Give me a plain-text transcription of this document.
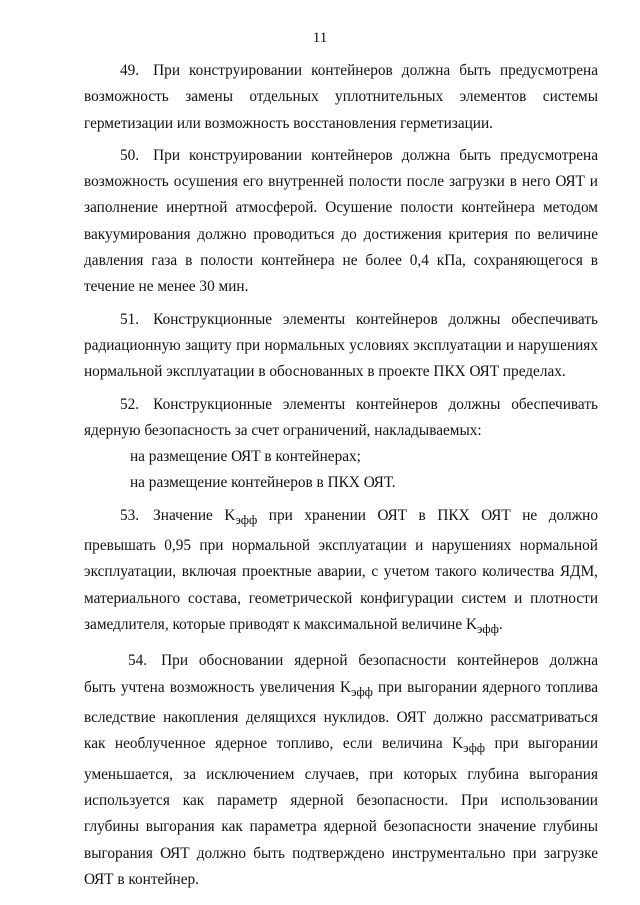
11

49. При конструировании контейнеров должна быть предусмотрена возможность замены отдельных уплотнительных элементов системы герметизации или возможность восстановления герметизации.

50. При конструировании контейнеров должна быть предусмотрена возможность осушения его внутренней полости после загрузки в него ОЯТ и заполнение инертной атмосферой. Осушение полости контейнера методом вакуумирования должно проводиться до достижения критерия по величине давления газа в полости контейнера не более 0,4 кПа, сохраняющегося в течение не менее 30 мин.

51. Конструкционные элементы контейнеров должны обеспечивать радиационную защиту при нормальных условиях эксплуатации и нарушениях нормальной эксплуатации в обоснованных в проекте ПКХ ОЯТ пределах.

52. Конструкционные элементы контейнеров должны обеспечивать ядерную безопасность за счет ограничений, накладываемых:

на размещение ОЯТ в контейнерах;

на размещение контейнеров в ПКХ ОЯТ.

53. Значение $K_{эфф}$ при хранении ОЯТ в ПКХ ОЯТ не должно превышать 0,95 при нормальной эксплуатации и нарушениях нормальной эксплуатации, включая проектные аварии, с учетом такого количества ЯДМ, материального состава, геометрической конфигурации систем и плотности замедлителя, которые приводят к максимальной величине $K_{эфф}$.

54. При обосновании ядерной безопасности контейнеров должна быть учтена возможность увеличения $K_{эфф}$ при выгорании ядерного топлива вследствие накопления делящихся нуклидов. ОЯТ должно рассматриваться как необлученное ядерное топливо, если величина $K_{эфф}$ при выгорании уменьшается, за исключением случаев, при которых глубина выгорания используется как параметр ядерной безопасности. При использовании глубины выгорания как параметра ядерной безопасности значение глубины выгорания ОЯТ должно быть подтверждено инструментально при загрузке ОЯТ в контейнер.
